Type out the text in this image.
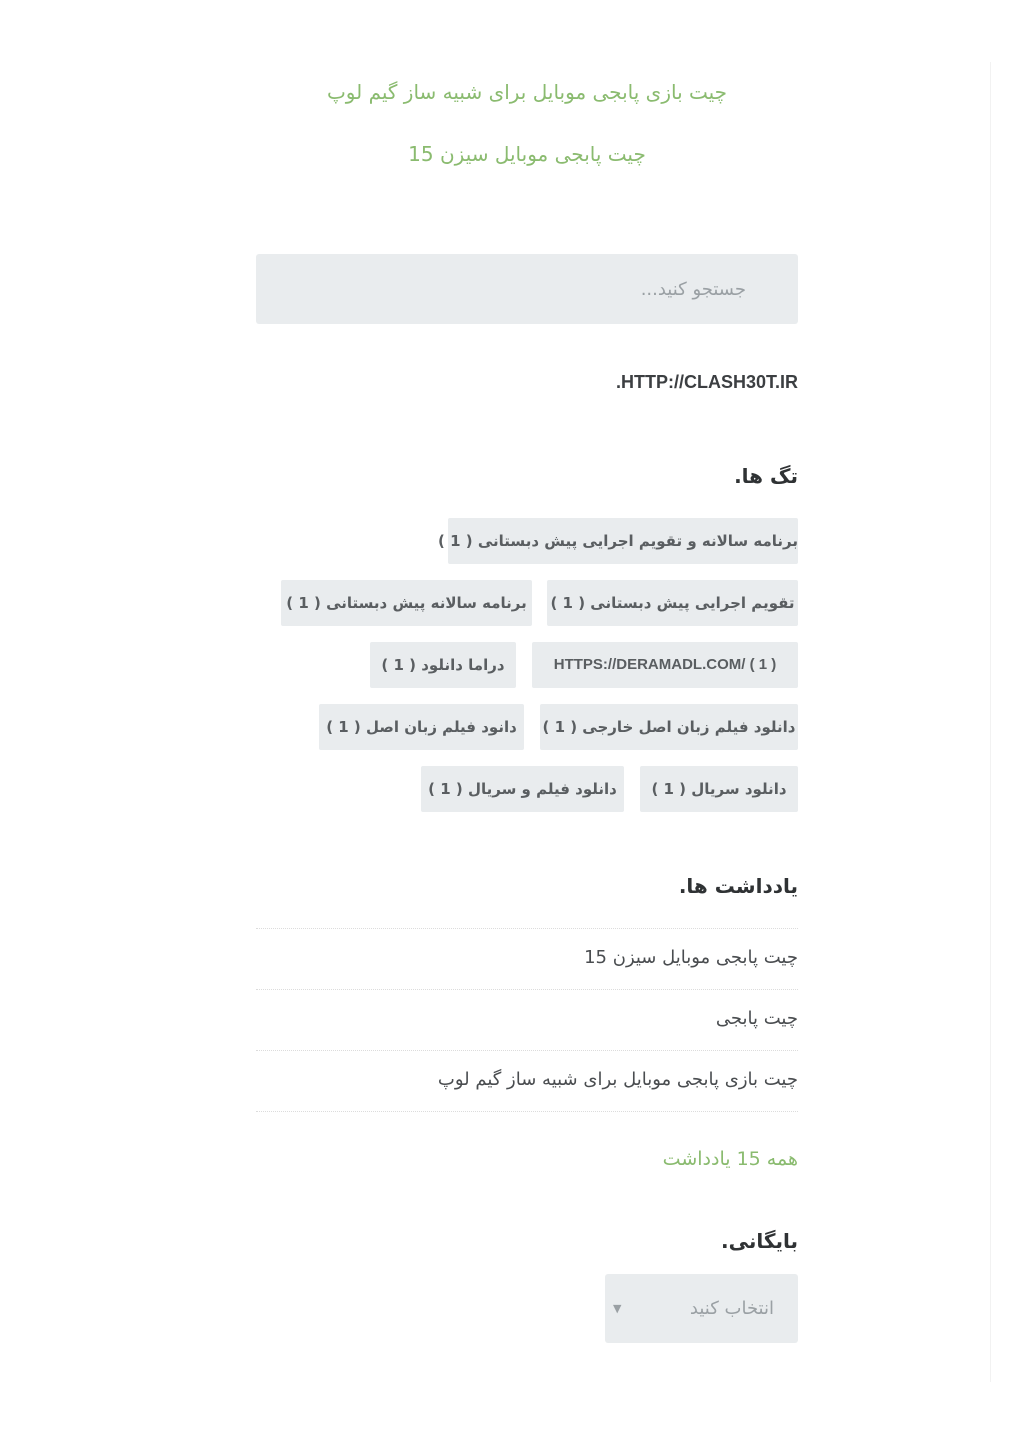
چیت بازی پابجی موبایل برای شبیه ساز گیم لوپ
چیت پابجی موبایل سیزن 15
جستجو کنید...
HTTP://CLASH30T.IR.
تگ ها.
برنامه سالانه و تقویم اجرایی پیش دبستانی ( 1 )
تقویم اجرایی پیش دبستانی ( 1 )
برنامه سالانه پیش دبستانی ( 1 )
HTTPS://DERAMADL.COM/ ( 1 )
دراما دانلود ( 1 )
دانلود فیلم زبان اصل خارجی ( 1 )
دانود فیلم زبان اصل ( 1 )
دانلود سریال ( 1 )
دانلود فیلم و سریال ( 1 )
یادداشت ها.
چیت پابجی موبایل سیزن 15
چیت پابجی
چیت بازی پابجی موبایل برای شبیه ساز گیم لوپ
همه 15 یادداشت
بایگانی.
انتخاب کنید
▼
